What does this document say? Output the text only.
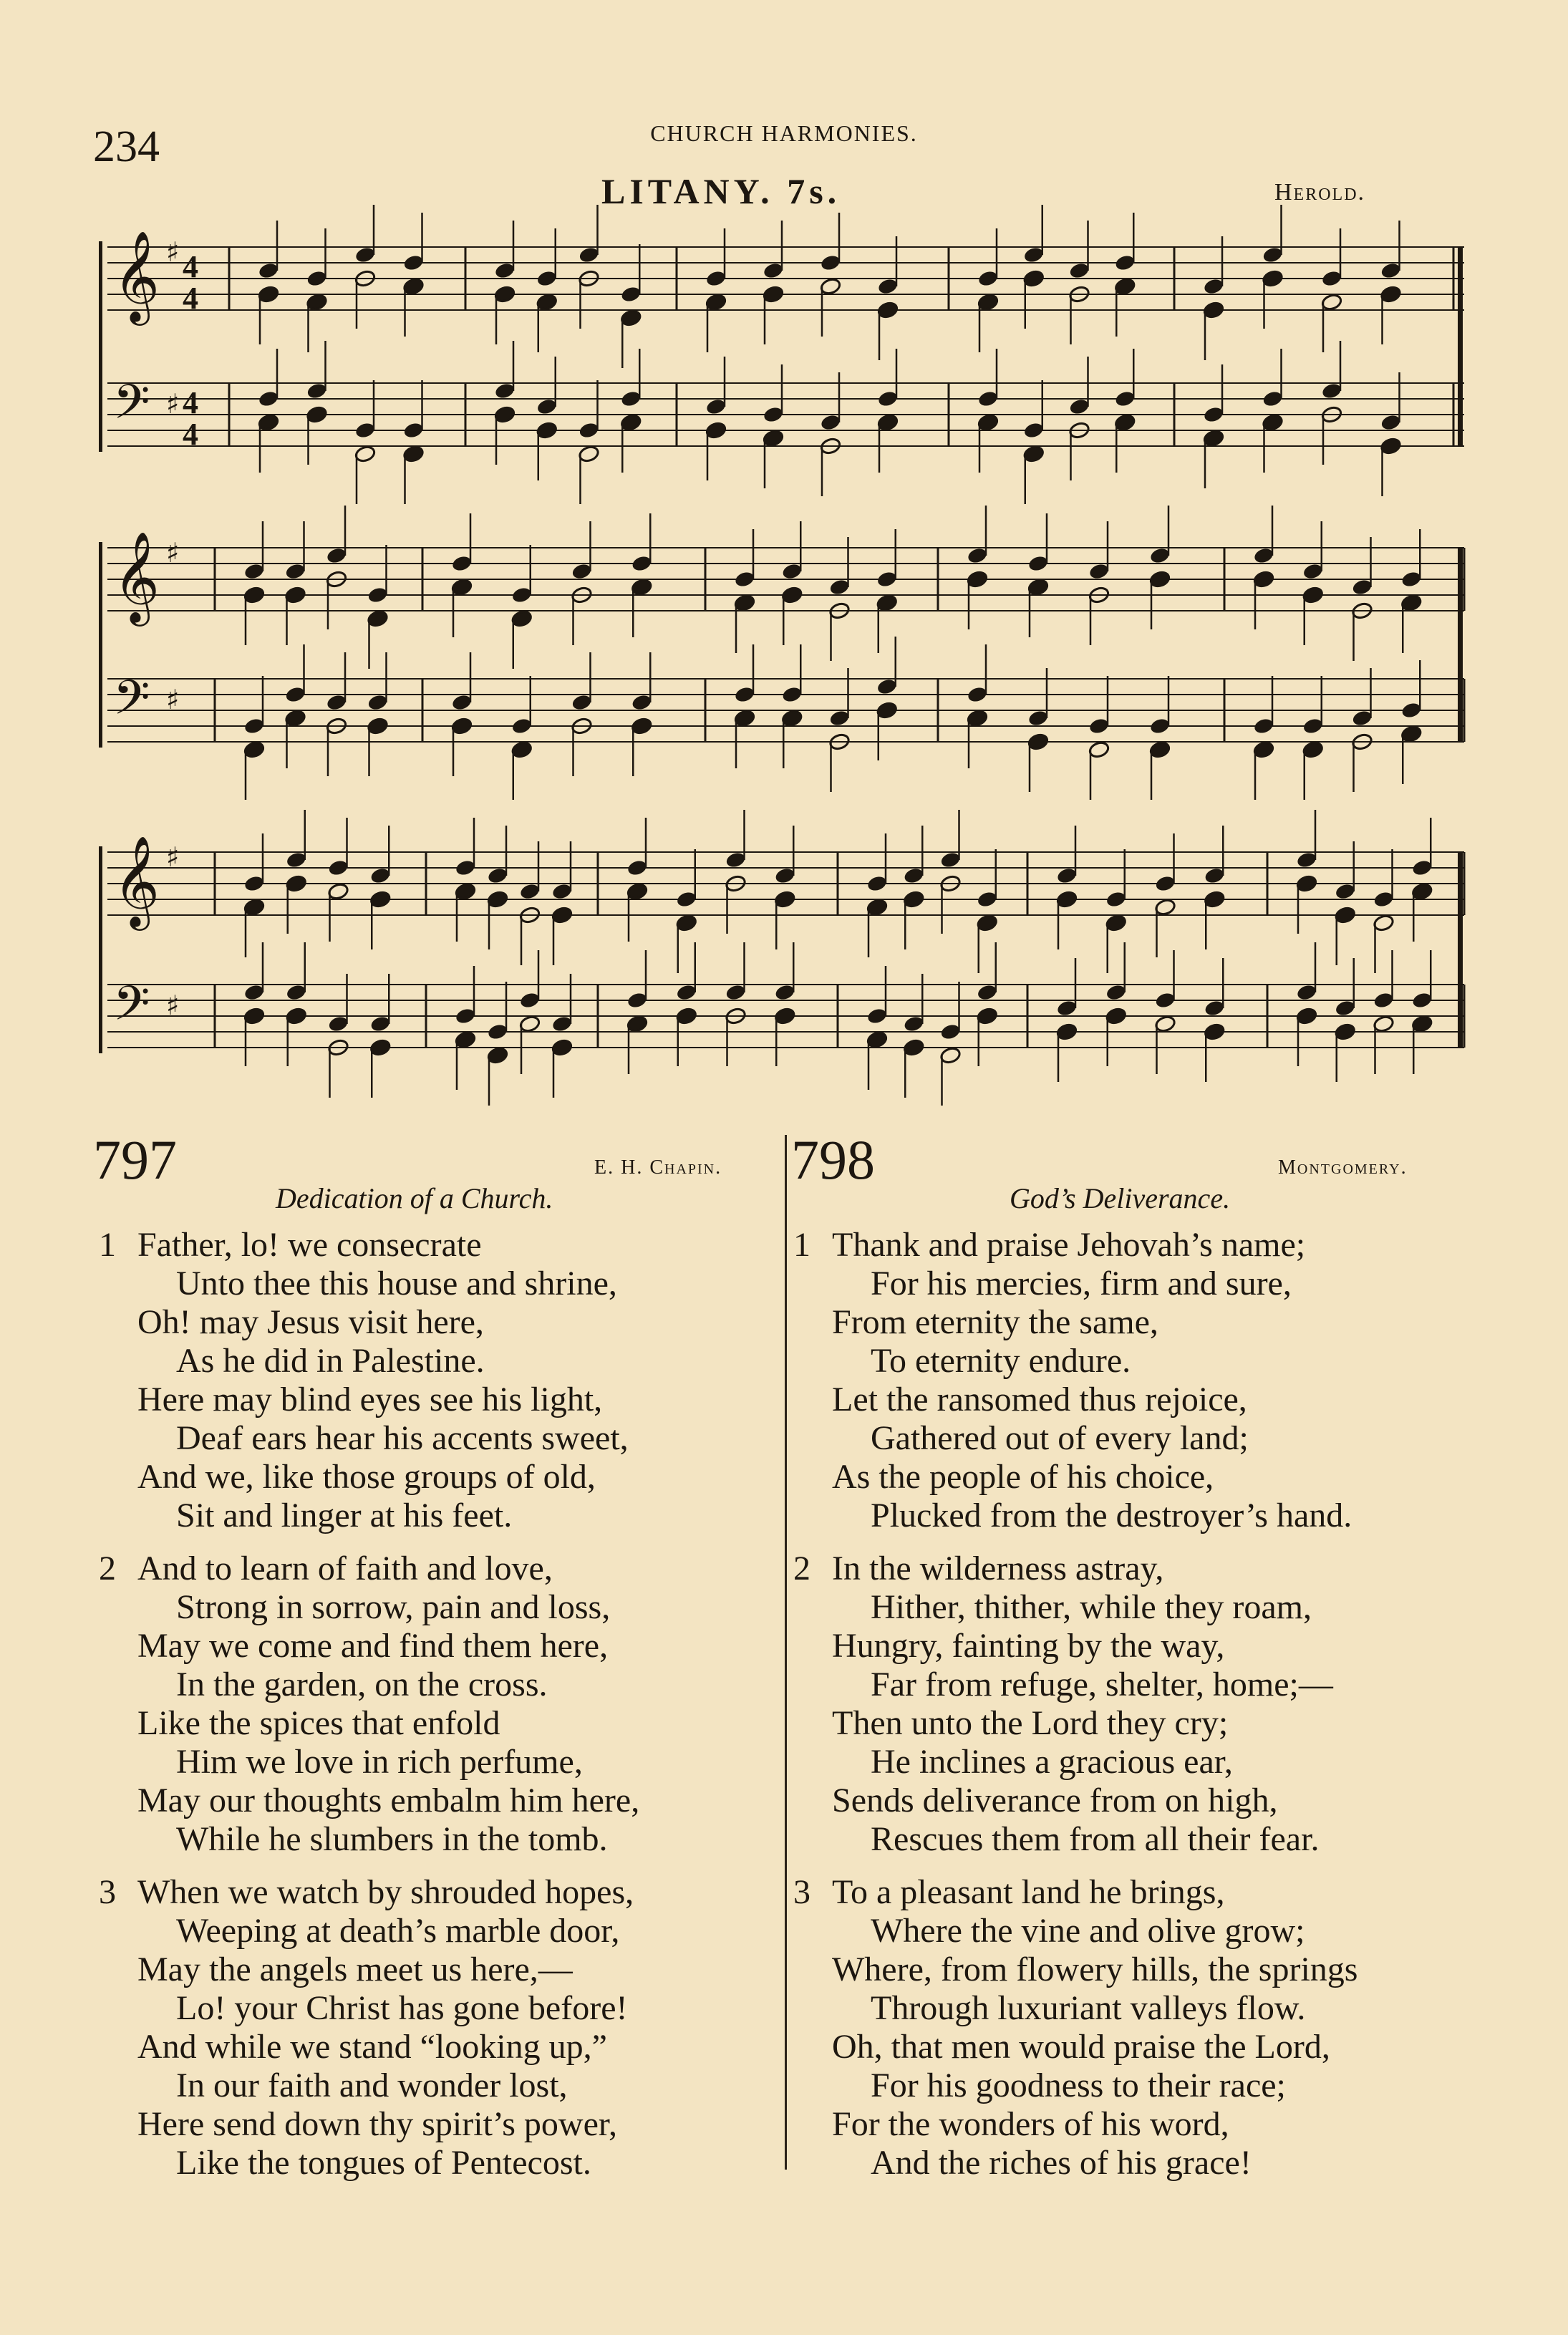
234	CHURCH HARMONIES.
LITANY. 7s.	Herold.
𝄞 ♯ 4
4
𝄢 ♯ 4
4
𝄞 ♯
𝄢 ♯
𝄞 ♯
𝄢 ♯
797	E. H. Chapin.
Dedication of a Church.
798	Montgomery.
God’s Deliverance.
1 Father, lo! we consecrate
Unto thee this house and shrine,
Oh! may Jesus visit here,
As he did in Palestine.
Here may blind eyes see his light,
Deaf ears hear his accents sweet,
And we, like those groups of old,
Sit and linger at his feet.
2 And to learn of faith and love,
Strong in sorrow, pain and loss,
May we come and find them here,
In the garden, on the cross.
Like the spices that enfold
Him we love in rich perfume,
May our thoughts embalm him here,
While he slumbers in the tomb.
3 When we watch by shrouded hopes,
Weeping at death’s marble door,
May the angels meet us here,—
Lo! your Christ has gone before!
And while we stand “looking up,”
In our faith and wonder lost,
Here send down thy spirit’s power,
Like the tongues of Pentecost.
1 Thank and praise Jehovah’s name;
For his mercies, firm and sure,
From eternity the same,
To eternity endure.
Let the ransomed thus rejoice,
Gathered out of every land;
As the people of his choice,
Plucked from the destroyer’s hand.
2 In the wilderness astray,
Hither, thither, while they roam,
Hungry, fainting by the way,
Far from refuge, shelter, home;—
Then unto the Lord they cry;
He inclines a gracious ear,
Sends deliverance from on high,
Rescues them from all their fear.
3 To a pleasant land he brings,
Where the vine and olive grow;
Where, from flowery hills, the springs
Through luxuriant valleys flow.
Oh, that men would praise the Lord,
For his goodness to their race;
For the wonders of his word,
And the riches of his grace!
